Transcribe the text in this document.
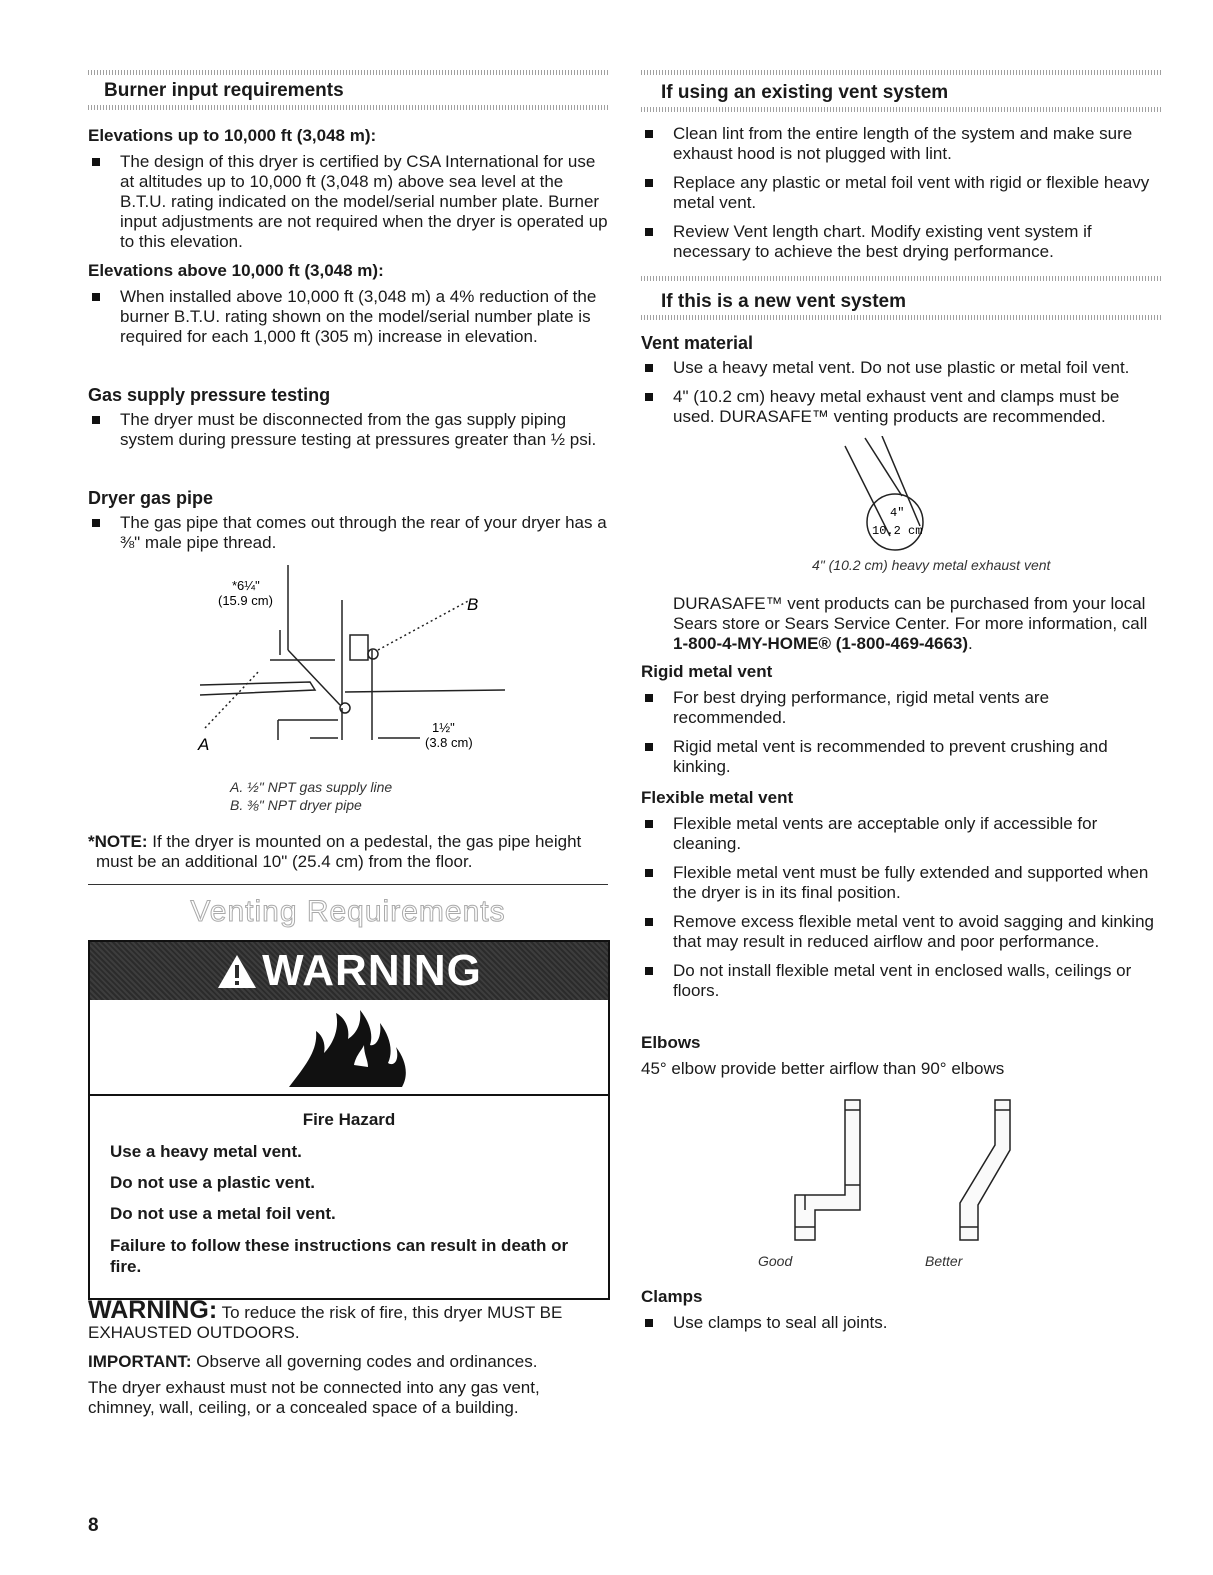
Burner input requirements

Elevations up to 10,000 ft (3,048 m):

The design of this dryer is certified by CSA International for use at altitudes up to 10,000 ft (3,048 m) above sea level at the B.T.U. rating indicated on the model/serial number plate. Burner input adjustments are not required when the dryer is operated up to this elevation.

Elevations above 10,000 ft (3,048 m):

When installed above 10,000 ft (3,048 m) a 4% reduction of the burner B.T.U. rating shown on the model/serial number plate is required for each 1,000 ft (305 m) increase in elevation.

Gas supply pressure testing

The dryer must be disconnected from the gas supply piping system during pressure testing at pressures greater than ½ psi.

Dryer gas pipe

The gas pipe that comes out through the rear of your dryer has a ⅜" male pipe thread.
*6¼"
(15.9 cm)
1½"
(3.8 cm)
A
B
A. ½" NPT gas supply line
B. ⅜" NPT dryer pipe
*NOTE: If the dryer is mounted on a pedestal, the gas pipe height must be an additional 10" (25.4 cm) from the floor.
Venting Requirements
WARNING
Fire Hazard
Use a heavy metal vent.
Do not use a plastic vent.
Do not use a metal foil vent.
Failure to follow these instructions can result in death or fire.
WARNING: To reduce the risk of fire, this dryer MUST BE EXHAUSTED OUTDOORS.
IMPORTANT: Observe all governing codes and ordinances.
The dryer exhaust must not be connected into any gas vent, chimney, wall, ceiling, or a concealed space of a building.
8
If using an existing vent system
Clean lint from the entire length of the system and make sure exhaust hood is not plugged with lint.
Replace any plastic or metal foil vent with rigid or flexible heavy metal vent.
Review Vent length chart. Modify existing vent system if necessary to achieve the best drying performance.
If this is a new vent system

Vent material

Use a heavy metal vent. Do not use plastic or metal foil vent.
4" (10.2 cm) heavy metal exhaust vent and clamps must be used. DURASAFE™ venting products are recommended.
4"
10.2 cm
4" (10.2 cm) heavy metal exhaust vent
DURASAFE™ vent products can be purchased from your local Sears store or Sears Service Center. For more information, call 1-800-4-MY-HOME® (1-800-469-4663).

Rigid metal vent

For best drying performance, rigid metal vents are recommended.
Rigid metal vent is recommended to prevent crushing and kinking.

Flexible metal vent

Flexible metal vents are acceptable only if accessible for cleaning.
Flexible metal vent must be fully extended and supported when the dryer is in its final position.
Remove excess flexible metal vent to avoid sagging and kinking that may result in reduced airflow and poor performance.
Do not install flexible metal vent in enclosed walls, ceilings or floors.

Elbows

45° elbow provide better airflow than 90° elbows

Good	Better

Clamps

Use clamps to seal all joints.
